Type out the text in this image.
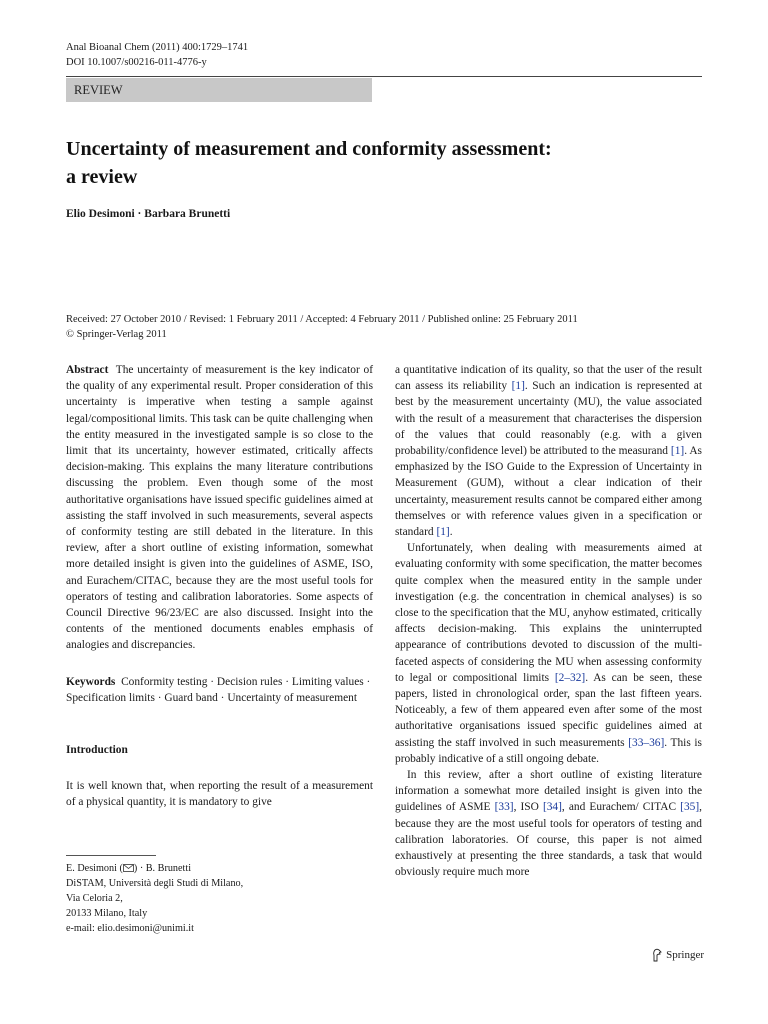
Anal Bioanal Chem (2011) 400:1729–1741
DOI 10.1007/s00216-011-4776-y
REVIEW
Uncertainty of measurement and conformity assessment:
a review
Elio Desimoni · Barbara Brunetti
Received: 27 October 2010 / Revised: 1 February 2011 / Accepted: 4 February 2011 / Published online: 25 February 2011
© Springer-Verlag 2011

Abstract The uncertainty of measurement is the key indicator of the quality of any experimental result. Proper consideration of this uncertainty is imperative when testing a sample against legal/compositional limits. This task can be quite challenging when the entity measured in the investigated sample is so close to the limit that its uncertainty, however estimated, critically affects decision-making. This explains the many literature contributions discussing the problem. Even though some of the most authoritative organisations have issued specific guidelines aimed at assisting the staff involved in such measurements, several aspects of conformity testing are still debated in the literature. In this review, after a short outline of existing information, somewhat more detailed insight is given into the guidelines of ASME, ISO, and Eurachem/CITAC, because they are the most useful tools for operators of testing and calibration laboratories. Some aspects of Council Directive 96/23/EC are also discussed. Insight into the contents of the mentioned documents enables emphasis of analogies and discrepancies.

Keywords Conformity testing · Decision rules · Limiting values · Specification limits · Guard band · Uncertainty of measurement

Introduction

It is well known that, when reporting the result of a measurement of a physical quantity, it is mandatory to give

E. Desimoni ( ) · B. Brunetti
DiSTAM, Università degli Studi di Milano,
Via Celoria 2,
20133 Milano, Italy
e-mail: elio.desimoni@unimi.it

a quantitative indication of its quality, so that the user of the result can assess its reliability [1]. Such an indication is represented at best by the measurement uncertainty (MU), the value associated with the result of a measurement that characterises the dispersion of the values that could reasonably (e.g. with a given probability/confidence level) be attributed to the measurand [1]. As emphasized by the ISO Guide to the Expression of Uncertainty in Measurement (GUM), without a clear indication of their uncertainty, measurement results cannot be compared either among themselves or with reference values given in a specification or standard [1].

Unfortunately, when dealing with measurements aimed at evaluating conformity with some specification, the matter becomes quite complex when the measured entity in the sample under investigation (e.g. the concentration in chemical analyses) is so close to the specification that the MU, anyhow estimated, critically affects decision-making. This explains the uninterrupted appearance of contributions devoted to discussion of the multi-faceted aspects of considering the MU when assessing conformity to legal or compositional limits [2–32]. As can be seen, these papers, listed in chronological order, span the last fifteen years. Noticeably, a few of them appeared even after some of the most authoritative organisations issued specific guidelines aimed at assisting the staff involved in such measurements [33–36]. This is probably indicative of a still ongoing debate.

In this review, after a short outline of existing literature information a somewhat more detailed insight is given into the guidelines of ASME [33], ISO [34], and Eurachem/ CITAC [35], because they are the most useful tools for operators of testing and calibration laboratories. Of course, this paper is not aimed exhaustively at presenting the three standards, a task that would obviously require much more

Springer
